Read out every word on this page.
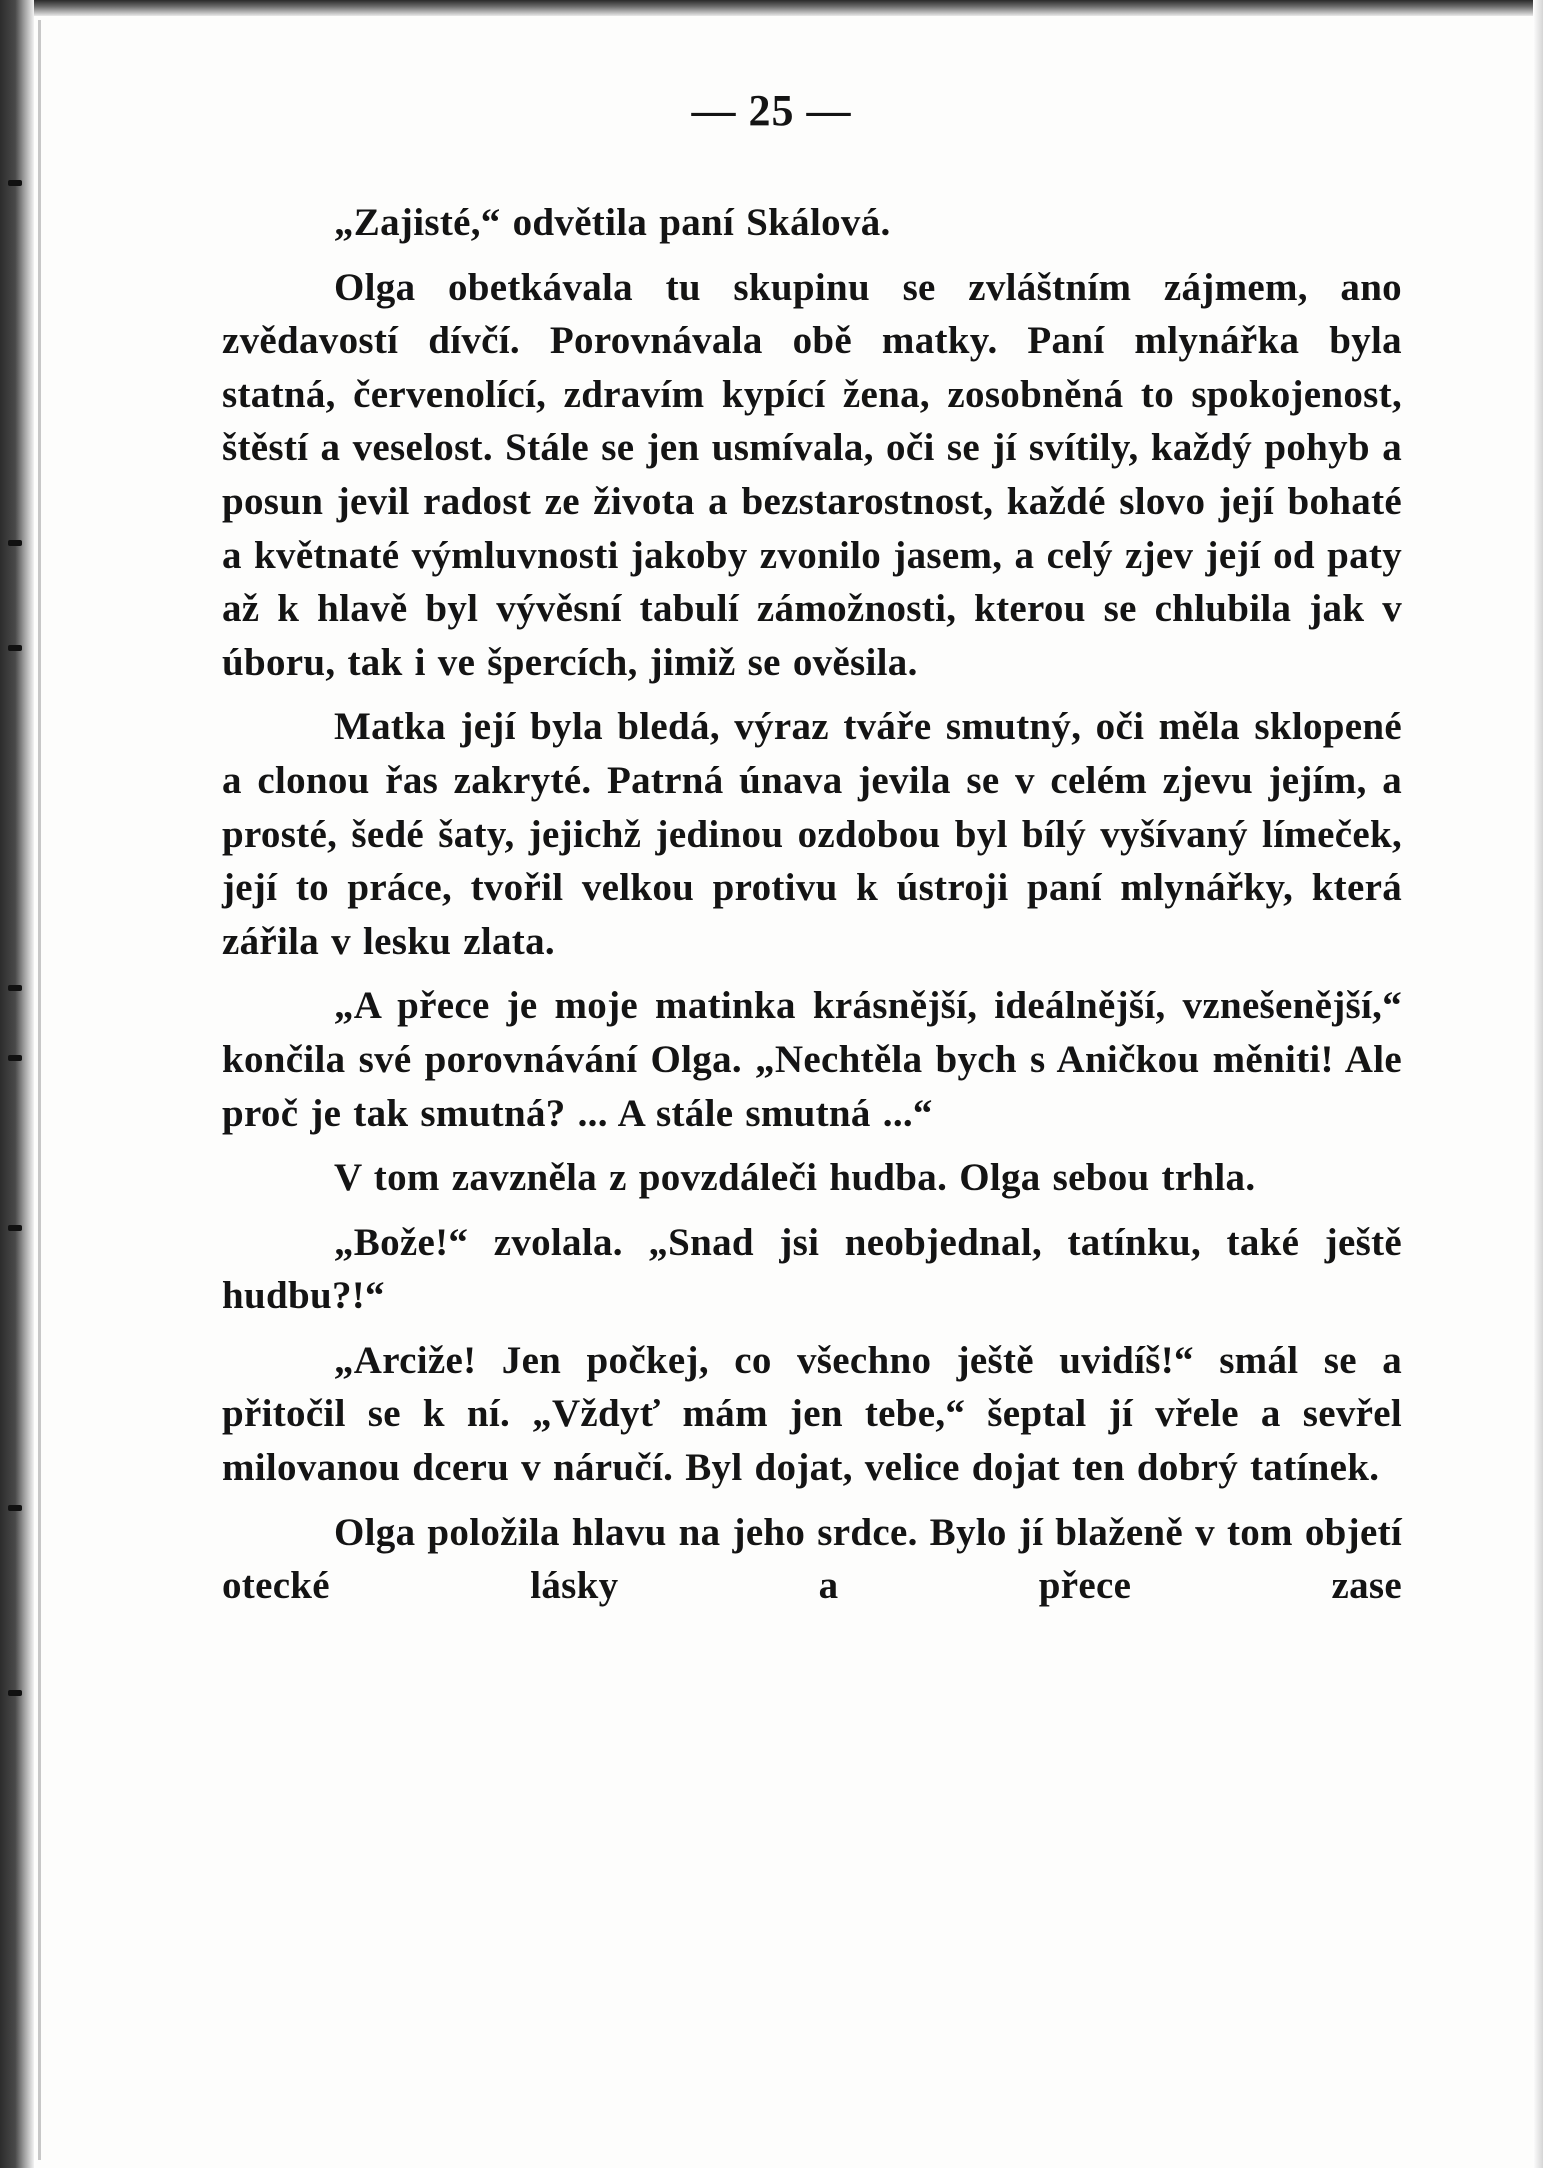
— 25 —

„Zajisté,“ odvětila paní Skálová.

Olga obetkávala tu skupinu se zvláštním zájmem, ano zvědavostí dívčí. Porovnávala obě matky. Paní mlynářka byla statná, červenolící, zdravím kypící žena, zosobněná to spokojenost, štěstí a veselost. Stále se jen usmívala, oči se jí svítily, každý pohyb a posun jevil radost ze života a bezstarostnost, každé slovo její bohaté a květnaté výmluvnosti jakoby zvonilo jasem, a celý zjev její od paty až k hlavě byl vývěsní tabulí zámožnosti, kterou se chlubila jak v úboru, tak i ve špercích, jimiž se ověsila.

Matka její byla bledá, výraz tváře smutný, oči měla sklopené a clonou řas zakryté. Patrná únava jevila se v celém zjevu jejím, a prosté, šedé šaty, jejichž jedinou ozdobou byl bílý vyšívaný límeček, její to práce, tvořil velkou protivu k ústroji paní mlynářky, která zářila v lesku zlata.

„A přece je moje matinka krásnější, ideálnější, vznešenější,“ končila své porovnávání Olga. „Nechtěla bych s Aničkou měniti! Ale proč je tak smutná? ... A stále smutná ...“

V tom zavzněla z povzdáleči hudba. Olga sebou trhla.

„Bože!“ zvolala. „Snad jsi neobjednal, tatínku, také ještě hudbu?!“

„Arciže! Jen počkej, co všechno ještě uvidíš!“ smál se a přitočil se k ní. „Vždyť mám jen tebe,“ šeptal jí vřele a sevřel milovanou dceru v náručí. Byl dojat, velice dojat ten dobrý tatínek.

Olga položila hlavu na jeho srdce. Bylo jí blaženě v tom objetí otecké lásky a přece zase
